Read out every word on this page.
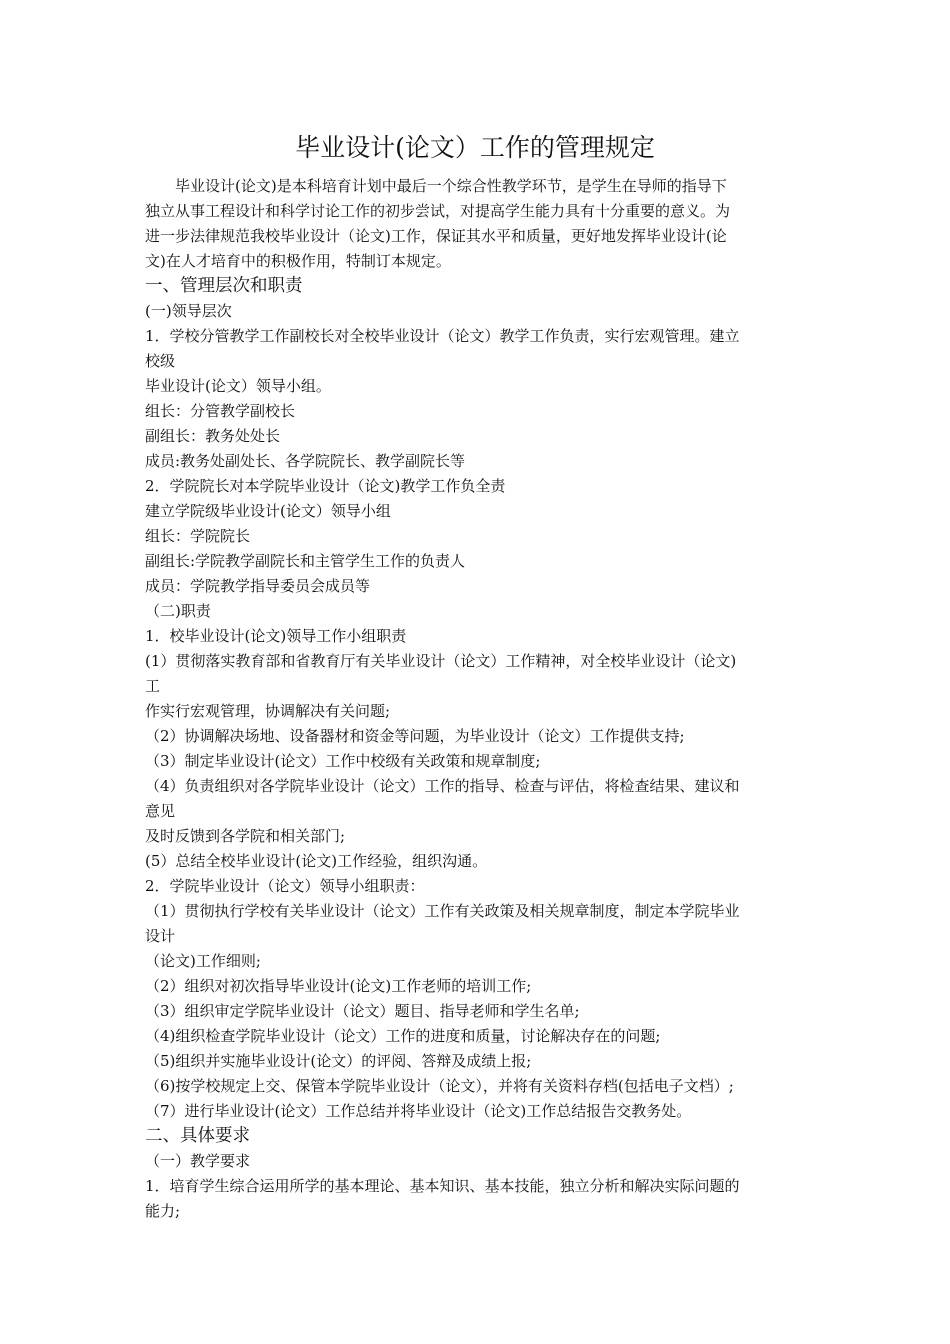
毕业设计(论文）工作的管理规定
　　毕业设计(论文)是本科培育计划中最后一个综合性教学环节，是学生在导师的指导下
独立从事工程设计和科学讨论工作的初步尝试，对提高学生能力具有十分重要的意义。为
进一步法律规范我校毕业设计（论文)工作，保证其水平和质量，更好地发挥毕业设计(论
文)在人才培育中的积极作用，特制订本规定。
一、管理层次和职责
(一)领导层次
1．学校分管教学工作副校长对全校毕业设计（论文）教学工作负责，实行宏观管理。建立
校级
毕业设计(论文）领导小组。
组长：分管教学副校长
副组长：教务处处长
成员:教务处副处长、各学院院长、教学副院长等
2．学院院长对本学院毕业设计（论文)教学工作负全责
建立学院级毕业设计(论文）领导小组
组长：学院院长
副组长:学院教学副院长和主管学生工作的负责人
成员：学院教学指导委员会成员等
（二)职责
1．校毕业设计(论文)领导工作小组职责
(1）贯彻落实教育部和省教育厅有关毕业设计（论文）工作精神，对全校毕业设计（论文)
工
作实行宏观管理，协调解决有关问题;
（2）协调解决场地、设备器材和资金等问题，为毕业设计（论文）工作提供支持;
（3）制定毕业设计(论文）工作中校级有关政策和规章制度;
（4）负责组织对各学院毕业设计（论文）工作的指导、检查与评估，将检查结果、建议和
意见
及时反馈到各学院和相关部门;
(5）总结全校毕业设计(论文)工作经验，组织沟通。
2．学院毕业设计（论文）领导小组职责：
（1）贯彻执行学校有关毕业设计（论文）工作有关政策及相关规章制度，制定本学院毕业
设计
（论文)工作细则;
（2）组织对初次指导毕业设计(论文)工作老师的培训工作;
（3）组织审定学院毕业设计（论文）题目、指导老师和学生名单;
（4)组织检查学院毕业设计（论文）工作的进度和质量，讨论解决存在的问题;
（5)组织并实施毕业设计(论文）的评阅、答辩及成绩上报;
（6)按学校规定上交、保管本学院毕业设计（论文），并将有关资料存档(包括电子文档）;
（7）进行毕业设计(论文）工作总结并将毕业设计（论文)工作总结报告交教务处。
二、具体要求
（一）教学要求
1．培育学生综合运用所学的基本理论、基本知识、基本技能，独立分析和解决实际问题的
能力;
